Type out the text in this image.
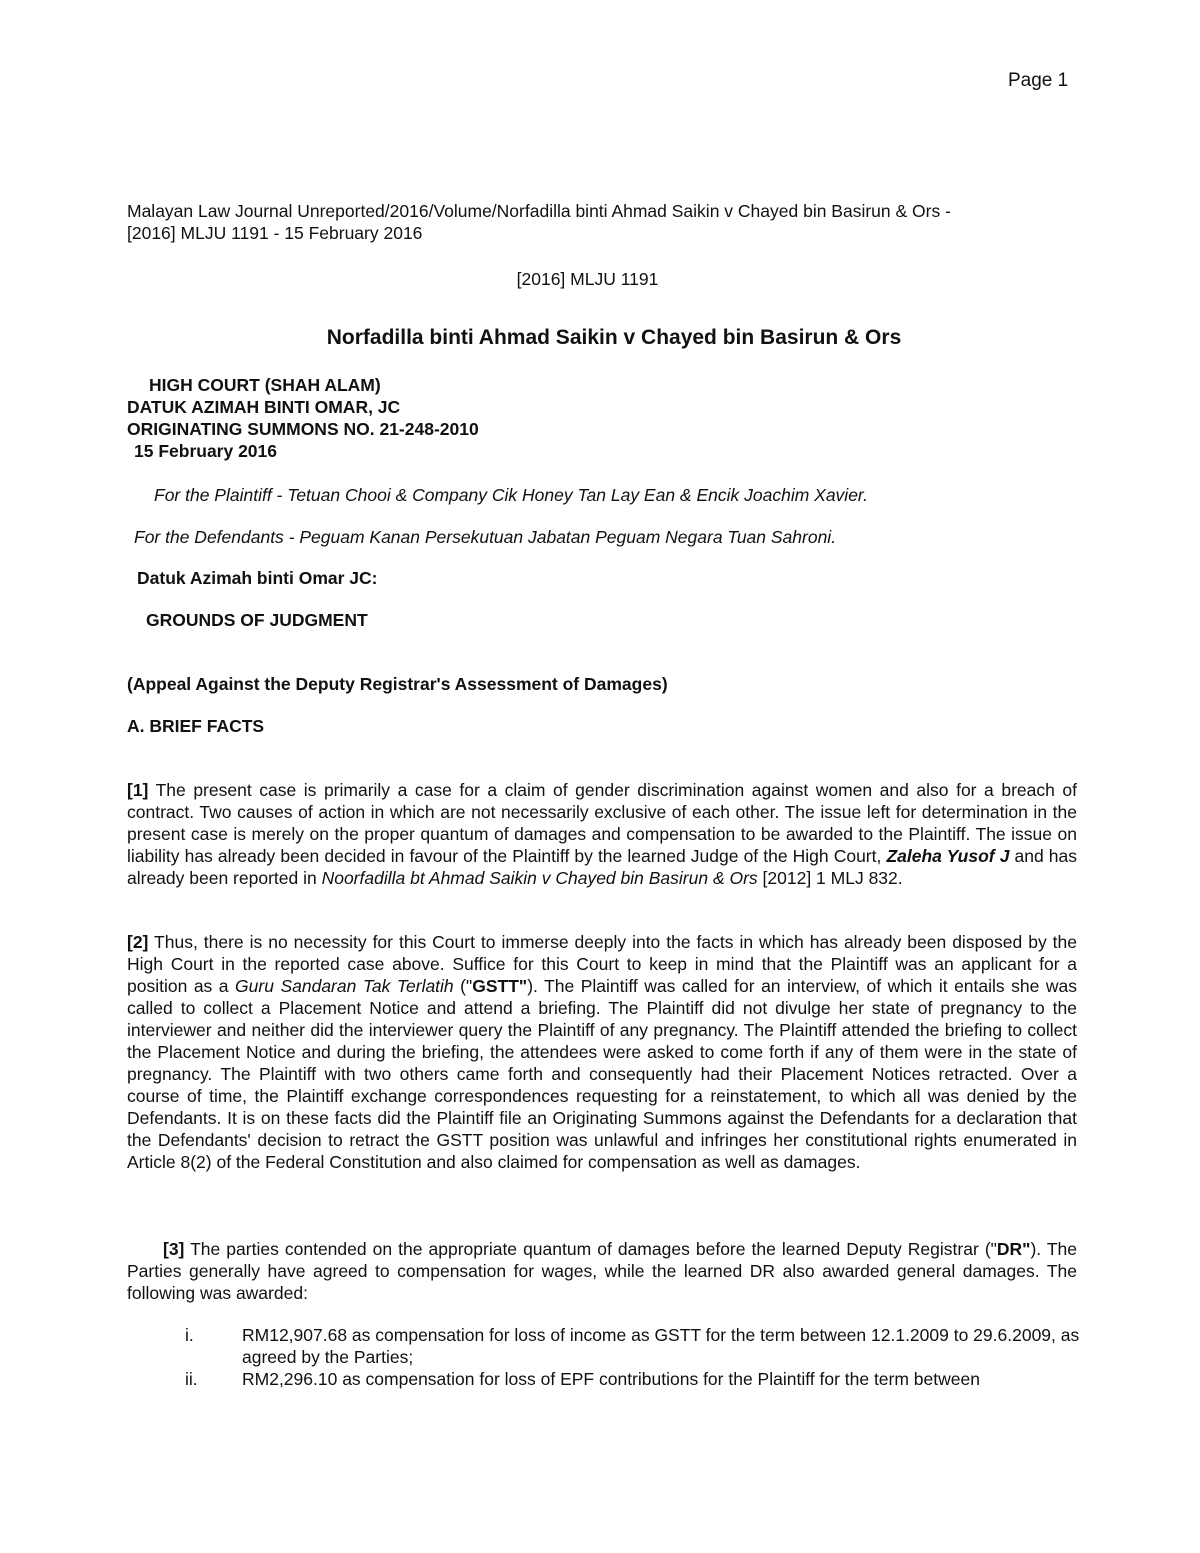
Page 1
Malayan Law Journal Unreported/2016/Volume/Norfadilla binti Ahmad Saikin v Chayed bin Basirun & Ors -
[2016] MLJU 1191 - 15 February 2016
[2016] MLJU 1191
Norfadilla binti Ahmad Saikin v Chayed bin Basirun & Ors
HIGH COURT (SHAH ALAM)
DATUK AZIMAH BINTI OMAR, JC
ORIGINATING SUMMONS NO. 21-248-2010
15 February 2016
For the Plaintiff - Tetuan Chooi & Company Cik Honey Tan Lay Ean & Encik Joachim Xavier.
For the Defendants - Peguam Kanan Persekutuan Jabatan Peguam Negara Tuan Sahroni.
Datuk Azimah binti Omar JC:
GROUNDS OF JUDGMENT
(Appeal Against the Deputy Registrar's Assessment of Damages)
A. BRIEF FACTS

[1] The present case is primarily a case for a claim of gender discrimination against women and also for a breach of contract. Two causes of action in which are not necessarily exclusive of each other. The issue left for determination in the present case is merely on the proper quantum of damages and compensation to be awarded to the Plaintiff. The issue on liability has already been decided in favour of the Plaintiff by the learned Judge of the High Court, Zaleha Yusof J and has already been reported in Noorfadilla bt Ahmad Saikin v Chayed bin Basirun & Ors [2012] 1 MLJ 832.

[2] Thus, there is no necessity for this Court to immerse deeply into the facts in which has already been disposed by the High Court in the reported case above. Suffice for this Court to keep in mind that the Plaintiff was an applicant for a position as a Guru Sandaran Tak Terlatih ("GSTT"). The Plaintiff was called for an interview, of which it entails she was called to collect a Placement Notice and attend a briefing. The Plaintiff did not divulge her state of pregnancy to the interviewer and neither did the interviewer query the Plaintiff of any pregnancy. The Plaintiff attended the briefing to collect the Placement Notice and during the briefing, the attendees were asked to come forth if any of them were in the state of pregnancy. The Plaintiff with two others came forth and consequently had their Placement Notices retracted. Over a course of time, the Plaintiff exchange correspondences requesting for a reinstatement, to which all was denied by the Defendants. It is on these facts did the Plaintiff file an Originating Summons against the Defendants for a declaration that the Defendants' decision to retract the GSTT position was unlawful and infringes her constitutional rights enumerated in Article 8(2) of the Federal Constitution and also claimed for compensation as well as damages.

[3] The parties contended on the appropriate quantum of damages before the learned Deputy Registrar ("DR"). The Parties generally have agreed to compensation for wages, while the learned DR also awarded general damages. The following was awarded:

i.	RM12,907.68 as compensation for loss of income as GSTT for the term between 12.1.2009 to 29.6.2009, as agreed by the Parties;
ii.	RM2,296.10 as compensation for loss of EPF contributions for the Plaintiff for the term between
